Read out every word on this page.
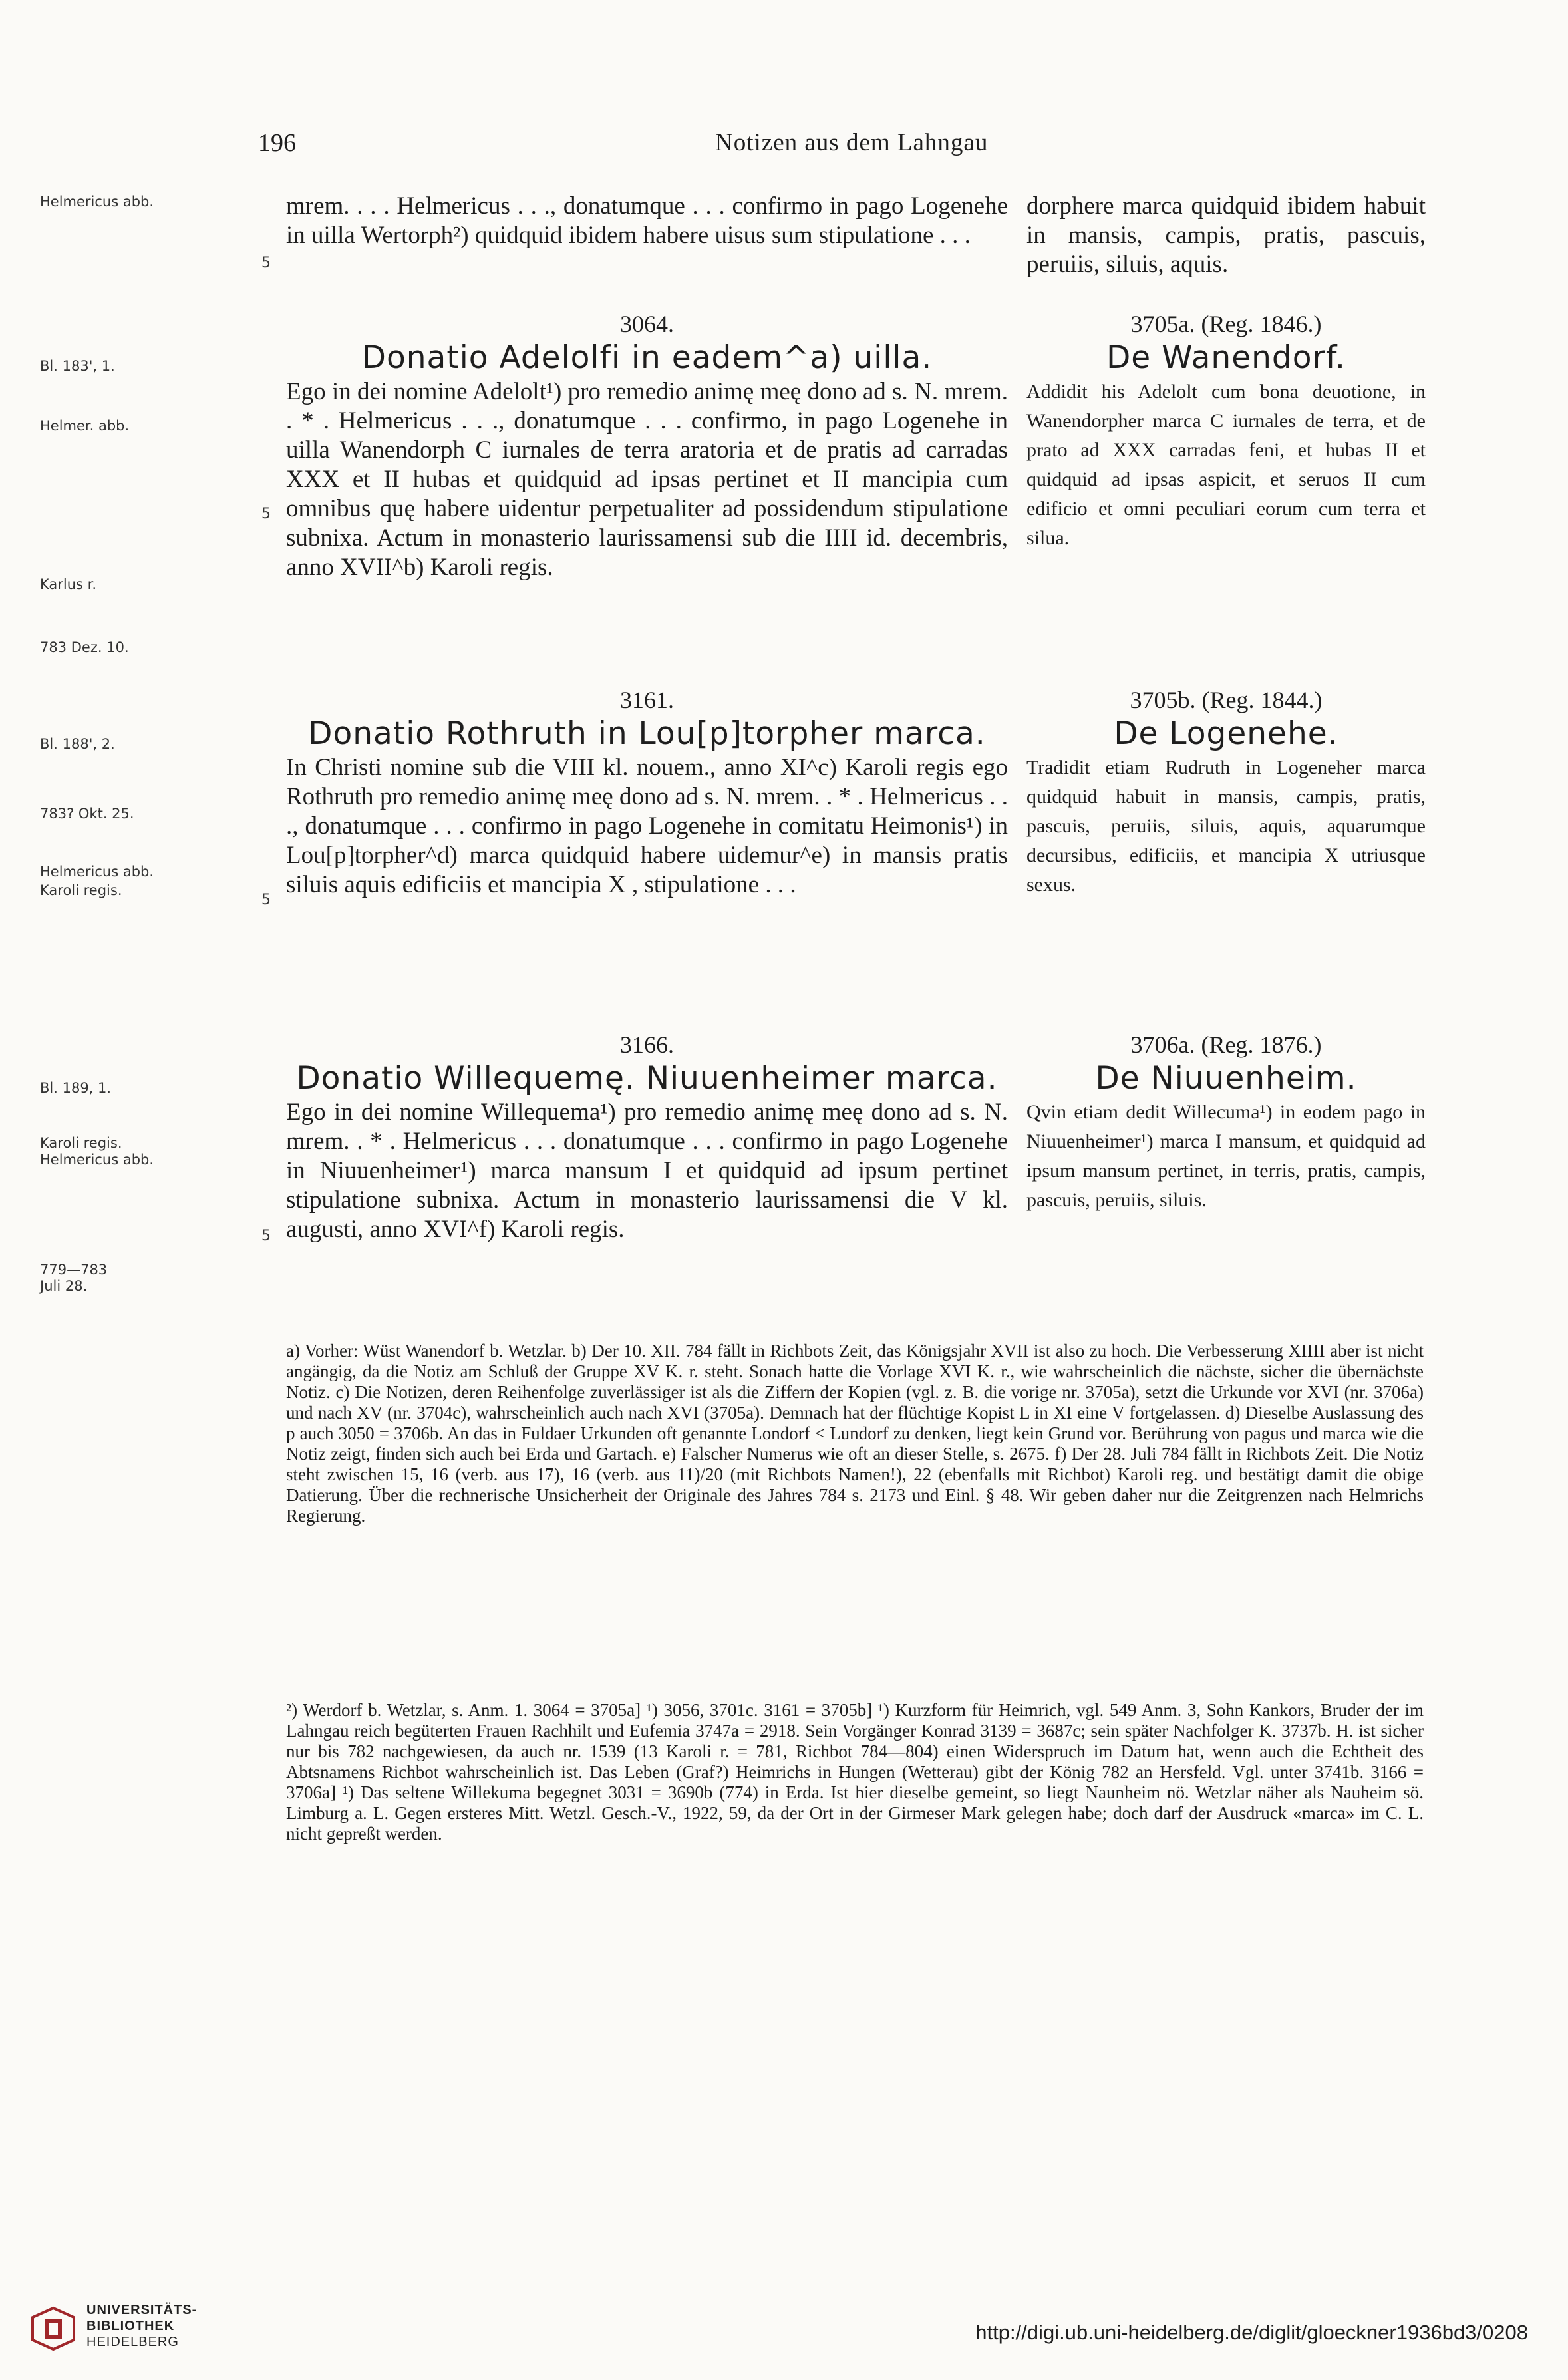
196	Notizen aus dem Lahngau
Helmericus abb.
Bl. 183', 1.
Helmer. abb.
Karlus r.
783 Dez. 10.
Bl. 188', 2.
783? Okt. 25.
Helmericus abb.
Karoli regis.
Bl. 189, 1.
Karoli regis.
Helmericus abb.
779—783
Juli 28.
5
5
5
5
mrem. . . . Helmericus . . ., donatumque . . . confirmo in pago Logenehe in uilla Wertorph²) quidquid ibidem habere uisus sum stipulatione . . .
dorphere marca quidquid ibidem habuit in mansis, campis, pratis, pascuis, peruiis, siluis, aquis.
3064.
Donatio Adelolfi in eadem^a) uilla.
Ego in dei nomine Adelolt¹) pro remedio animę meę dono ad s. N. mrem. . * . Helmericus . . ., donatumque . . . confirmo, in pago Logenehe in uilla Wanendorph C iurnales de terra aratoria et de pratis ad carradas XXX et II hubas et quidquid ad ipsas pertinet et II mancipia cum omnibus quę habere uidentur perpetualiter ad possidendum stipulatione subnixa. Actum in monasterio laurissamensi sub die IIII id. decembris, anno XVII^b) Karoli regis.
3705a. (Reg. 1846.)
De Wanendorf.
Addidit his Adelolt cum bona deuotione, in Wanendorpher marca C iurnales de terra, et de prato ad XXX carradas feni, et hubas II et quidquid ad ipsas aspicit, et seruos II cum edificio et omni peculiari eorum cum terra et silua.
3161.
Donatio Rothruth in Lou[p]torpher marca.
In Christi nomine sub die VIII kl. nouem., anno XI^c) Karoli regis ego Rothruth pro remedio animę meę dono ad s. N. mrem. . * . Helmericus . . ., donatumque . . . confirmo in pago Logenehe in comitatu Heimonis¹) in Lou[p]torpher^d) marca quidquid habere uidemur^e) in mansis pratis siluis aquis edificiis et mancipia X , stipulatione . . .
3705b. (Reg. 1844.)
De Logenehe.
Tradidit etiam Rudruth in Logeneher marca quidquid habuit in mansis, campis, pratis, pascuis, peruiis, siluis, aquis, aquarumque decursibus, edificiis, et mancipia X utriusque sexus.
3166.
Donatio Willequemę. Niuuenheimer marca.
Ego in dei nomine Willequema¹) pro remedio animę meę dono ad s. N. mrem. . * . Helmericus . . . donatumque . . . confirmo in pago Logenehe in Niuuenheimer¹) marca mansum I et quidquid ad ipsum pertinet stipulatione subnixa. Actum in monasterio laurissamensi die V kl. augusti, anno XVI^f) Karoli regis.
3706a. (Reg. 1876.)
De Niuuenheim.
Qvin etiam dedit Willecuma¹) in eodem pago in Niuuenheimer¹) marca I mansum, et quidquid ad ipsum mansum pertinet, in terris, pratis, campis, pascuis, peruiis, siluis.
a) Vorher: Wüst Wanendorf b. Wetzlar. b) Der 10. XII. 784 fällt in Richbots Zeit, das Königsjahr XVII ist also zu hoch. Die Verbesserung XIIII aber ist nicht angängig, da die Notiz am Schluß der Gruppe XV K. r. steht. Sonach hatte die Vorlage XVI K. r., wie wahrscheinlich die nächste, sicher die übernächste Notiz. c) Die Notizen, deren Reihenfolge zuverlässiger ist als die Ziffern der Kopien (vgl. z. B. die vorige nr. 3705a), setzt die Urkunde vor XVI (nr. 3706a) und nach XV (nr. 3704c), wahrscheinlich auch nach XVI (3705a). Demnach hat der flüchtige Kopist L in XI eine V fortgelassen. d) Dieselbe Auslassung des p auch 3050 = 3706b. An das in Fuldaer Urkunden oft genannte Londorf < Lundorf zu denken, liegt kein Grund vor. Berührung von pagus und marca wie die Notiz zeigt, finden sich auch bei Erda und Gartach. e) Falscher Numerus wie oft an dieser Stelle, s. 2675. f) Der 28. Juli 784 fällt in Richbots Zeit. Die Notiz steht zwischen 15, 16 (verb. aus 17), 16 (verb. aus 11)/20 (mit Richbots Namen!), 22 (ebenfalls mit Richbot) Karoli reg. und bestätigt damit die obige Datierung. Über die rechnerische Unsicherheit der Originale des Jahres 784 s. 2173 und Einl. § 48. Wir geben daher nur die Zeitgrenzen nach Helmrichs Regierung.
²) Werdorf b. Wetzlar, s. Anm. 1. 3064 = 3705a] ¹) 3056, 3701c. 3161 = 3705b] ¹) Kurzform für Heimrich, vgl. 549 Anm. 3, Sohn Kankors, Bruder der im Lahngau reich begüterten Frauen Rachhilt und Eufemia 3747a = 2918. Sein Vorgänger Konrad 3139 = 3687c; sein später Nachfolger K. 3737b. H. ist sicher nur bis 782 nachgewiesen, da auch nr. 1539 (13 Karoli r. = 781, Richbot 784—804) einen Widerspruch im Datum hat, wenn auch die Echtheit des Abtsnamens Richbot wahrscheinlich ist. Das Leben (Graf?) Heimrichs in Hungen (Wetterau) gibt der König 782 an Hersfeld. Vgl. unter 3741b. 3166 = 3706a] ¹) Das seltene Willekuma begegnet 3031 = 3690b (774) in Erda. Ist hier dieselbe gemeint, so liegt Naunheim nö. Wetzlar näher als Nauheim sö. Limburg a. L. Gegen ersteres Mitt. Wetzl. Gesch.-V., 1922, 59, da der Ort in der Girmeser Mark gelegen habe; doch darf der Ausdruck «marca» im C. L. nicht gepreßt werden.
UNIVERSITÄTS-
BIBLIOTHEK
HEIDELBERG	http://digi.ub.uni-heidelberg.de/diglit/gloeckner1936bd3/0208
